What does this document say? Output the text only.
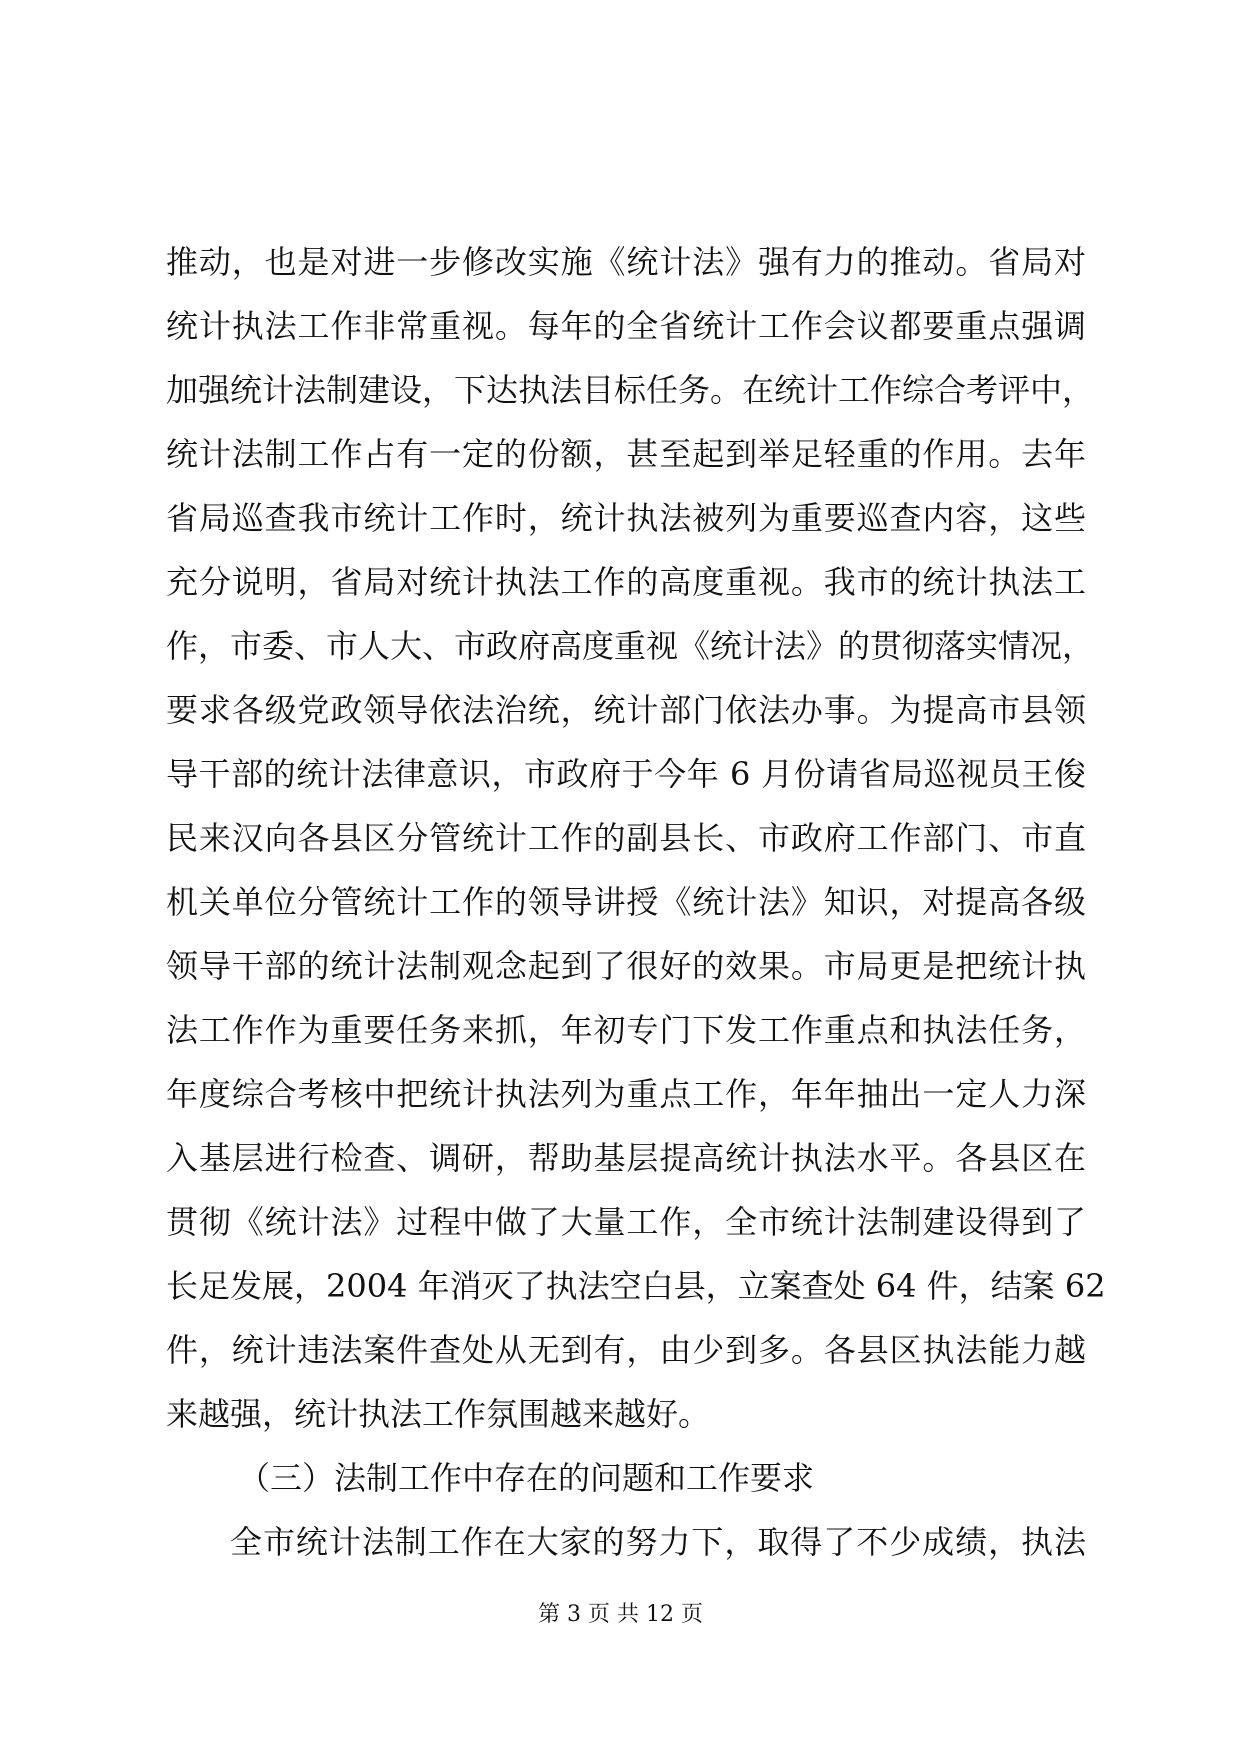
推动，也是对进一步修改实施《统计法》强有力的推动。省局对
统计执法工作非常重视。每年的全省统计工作会议都要重点强调
加强统计法制建设，下达执法目标任务。在统计工作综合考评中，
统计法制工作占有一定的份额，甚至起到举足轻重的作用。去年
省局巡查我市统计工作时，统计执法被列为重要巡查内容，这些
充分说明，省局对统计执法工作的高度重视。我市的统计执法工
作，市委、市人大、市政府高度重视《统计法》的贯彻落实情况，
要求各级党政领导依法治统，统计部门依法办事。为提高市县领
导干部的统计法律意识，市政府于今年 6 月份请省局巡视员王俊
民来汉向各县区分管统计工作的副县长、市政府工作部门、市直
机关单位分管统计工作的领导讲授《统计法》知识，对提高各级
领导干部的统计法制观念起到了很好的效果。市局更是把统计执
法工作作为重要任务来抓，年初专门下发工作重点和执法任务，
年度综合考核中把统计执法列为重点工作，年年抽出一定人力深
入基层进行检查、调研，帮助基层提高统计执法水平。各县区在
贯彻《统计法》过程中做了大量工作，全市统计法制建设得到了
长足发展，2004 年消灭了执法空白县，立案查处 64 件，结案 62
件，统计违法案件查处从无到有，由少到多。各县区执法能力越
来越强，统计执法工作氛围越来越好。
（三）法制工作中存在的问题和工作要求
全市统计法制工作在大家的努力下，取得了不少成绩，执法
第 3 页 共 12 页
